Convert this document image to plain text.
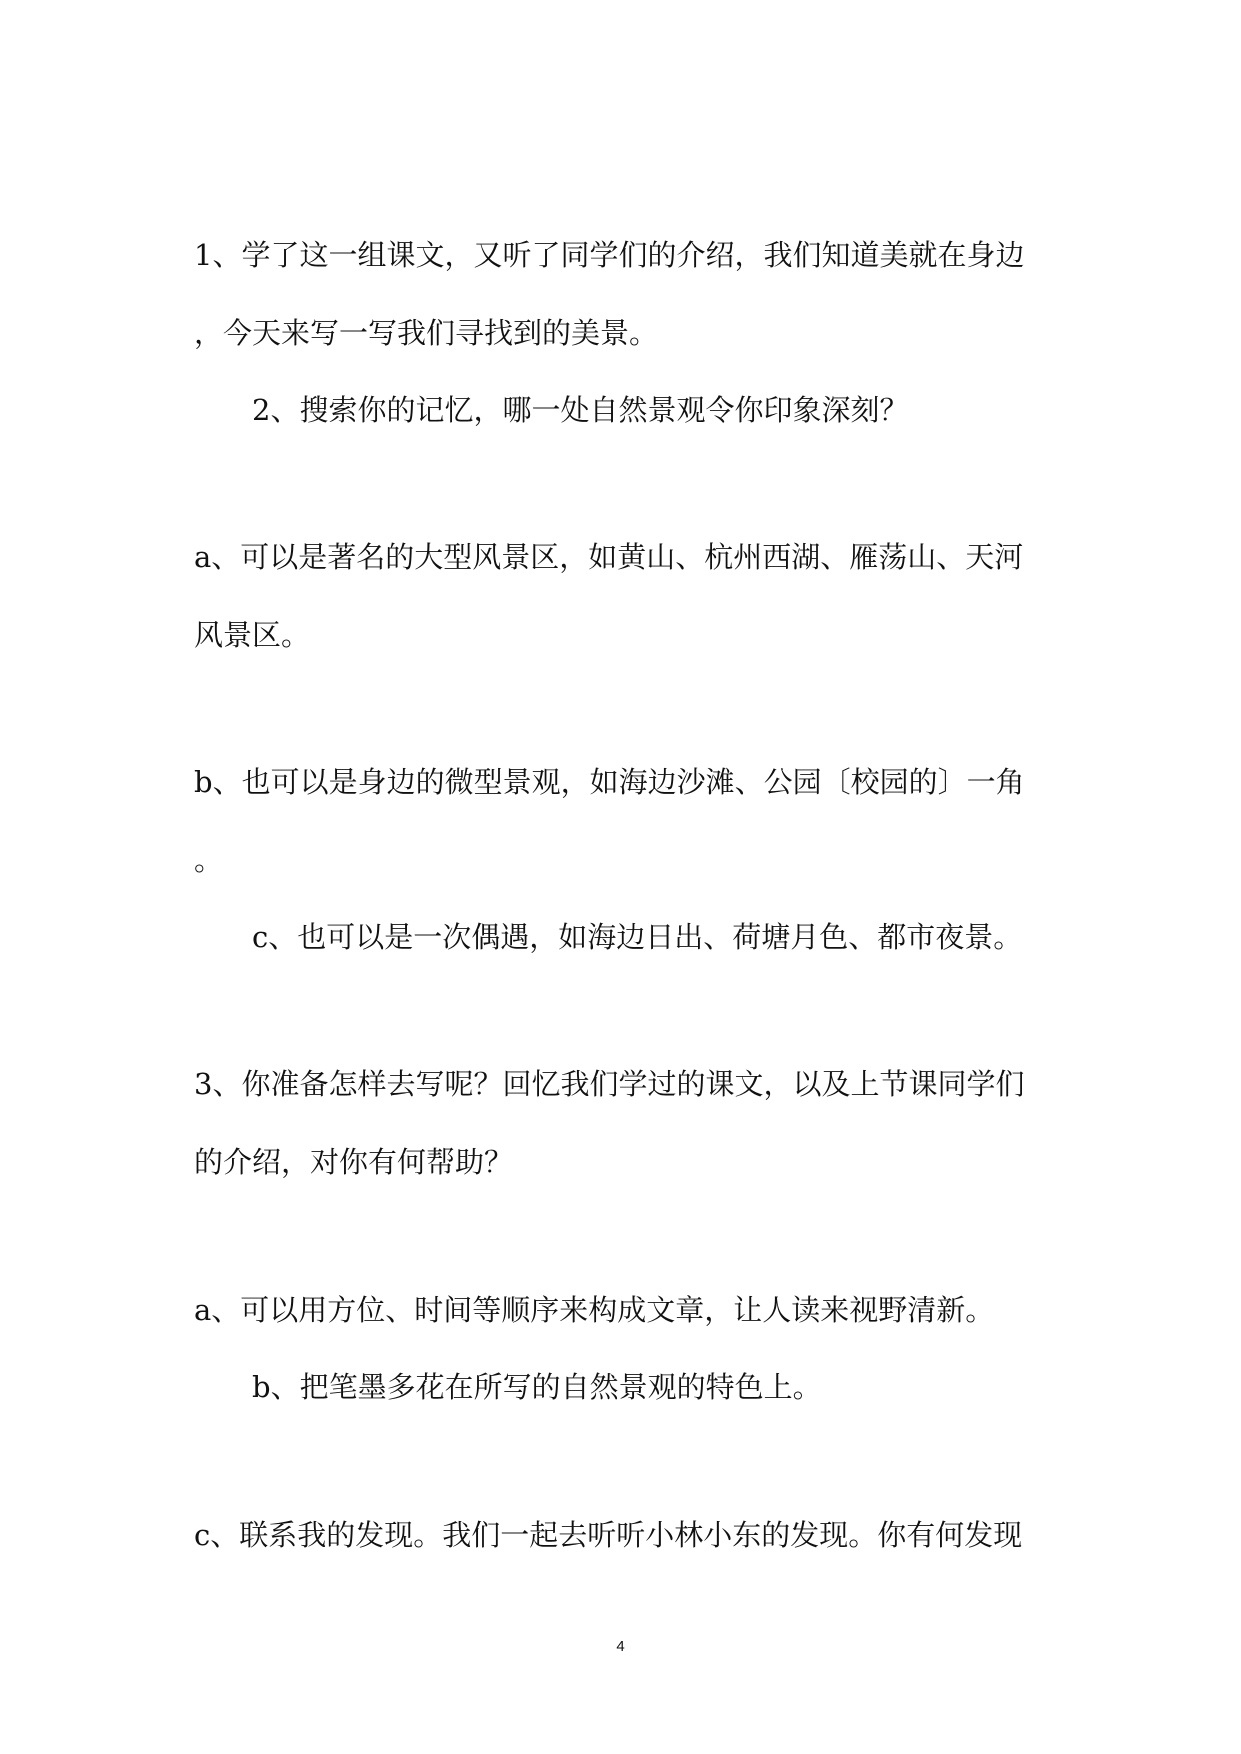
1、学了这一组课文，又听了同学们的介绍，我们知道美就在身边
，今天来写一写我们寻找到的美景。
2、搜索你的记忆，哪一处自然景观令你印象深刻？
a、可以是著名的大型风景区，如黄山、杭州西湖、雁荡山、天河
风景区。
b、也可以是身边的微型景观，如海边沙滩、公园〔校园的〕一角
。
c、也可以是一次偶遇，如海边日出、荷塘月色、都市夜景。
3、你准备怎样去写呢？回忆我们学过的课文，以及上节课同学们
的介绍，对你有何帮助？
a、可以用方位、时间等顺序来构成文章，让人读来视野清新。
b、把笔墨多花在所写的自然景观的特色上。
c、联系我的发现。我们一起去听听小林小东的发现。你有何发现
4
